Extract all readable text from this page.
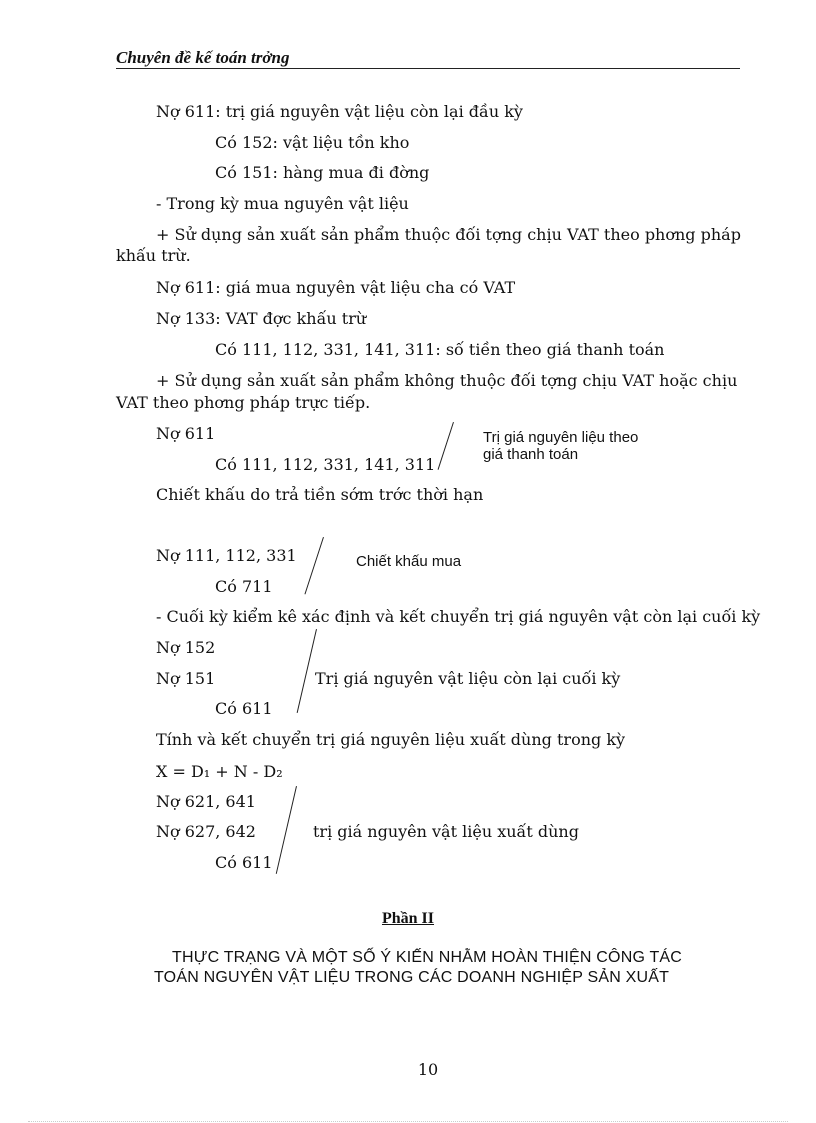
Chuyên đề kế toán trởng
Nợ 611: trị giá nguyên vật liệu còn lại đầu kỳ
Có 152: vật liệu tồn kho
Có 151: hàng mua đi đờng
- Trong kỳ mua nguyên vật liệu
+ Sử dụng sản xuất sản phẩm thuộc đối tợng chịu VAT theo phơng pháp
khấu trừ.
Nợ 611: giá mua nguyên vật liệu cha có VAT
Nợ 133: VAT đợc khấu trừ
Có 111, 112, 331, 141, 311: số tiền theo giá thanh toán
+ Sử dụng sản xuất sản phẩm không thuộc đối tợng chịu VAT hoặc chịu
VAT theo phơng pháp trực tiếp.
Nợ 611
Có 111, 112, 331, 141, 311
Trị giá nguyên liệu theo
giá thanh toán
Chiết khấu do trả tiền sớm trớc thời hạn
Nợ 111, 112, 331	Chiết khấu mua
Có 711
- Cuối kỳ kiểm kê xác định và kết chuyển trị giá nguyên vật còn lại cuối kỳ
Nợ 152
Nợ 151	Trị giá nguyên vật liệu còn lại cuối kỳ
Có 611
Tính và kết chuyển trị giá nguyên liệu xuất dùng trong kỳ
X = D₁ + N - D₂
Nợ 621, 641
Nợ 627, 642	trị giá nguyên vật liệu xuất dùng
Có 611
Phần II
THỰC TRẠNG VÀ MỘT SỐ Ý KIẾN NHẰM HOÀN THIỆN CÔNG TÁC
TOÁN NGUYÊN VẬT LIỆU TRONG CÁC DOANH NGHIỆP SẢN XUẤT
10
